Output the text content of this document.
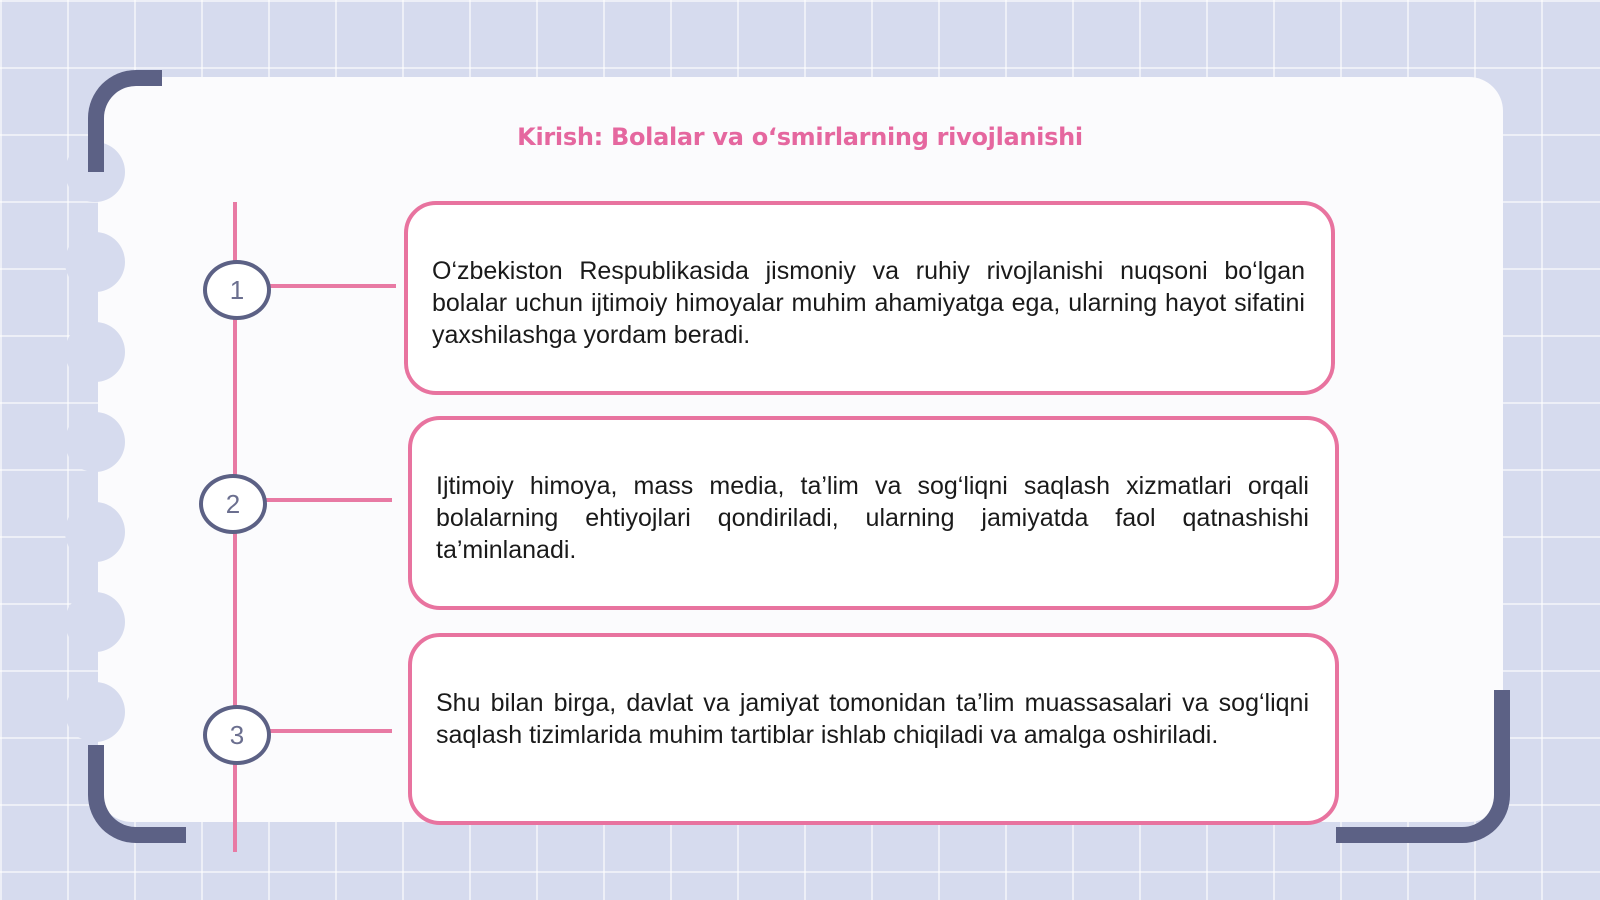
Kirish: Bolalar va o‘smirlarning rivojlanishi
1
2
3
O‘zbekiston Respublikasida jismoniy va ruhiy rivojlanishi nuqsoni bo‘lgan bolalar uchun ijtimoiy himoyalar muhim ahamiyatga ega, ularning hayot sifatini yaxshilashga yordam beradi.
Ijtimoiy himoya, mass media, ta’lim va sog‘liqni saqlash xizmatlari orqali bolalarning ehtiyojlari qondiriladi, ularning jamiyatda faol qatnashishi ta’minlanadi.
Shu bilan birga, davlat va jamiyat tomonidan ta’lim muassasalari va sog‘liqni saqlash tizimlarida muhim tartiblar ishlab chiqiladi va amalga oshiriladi.
